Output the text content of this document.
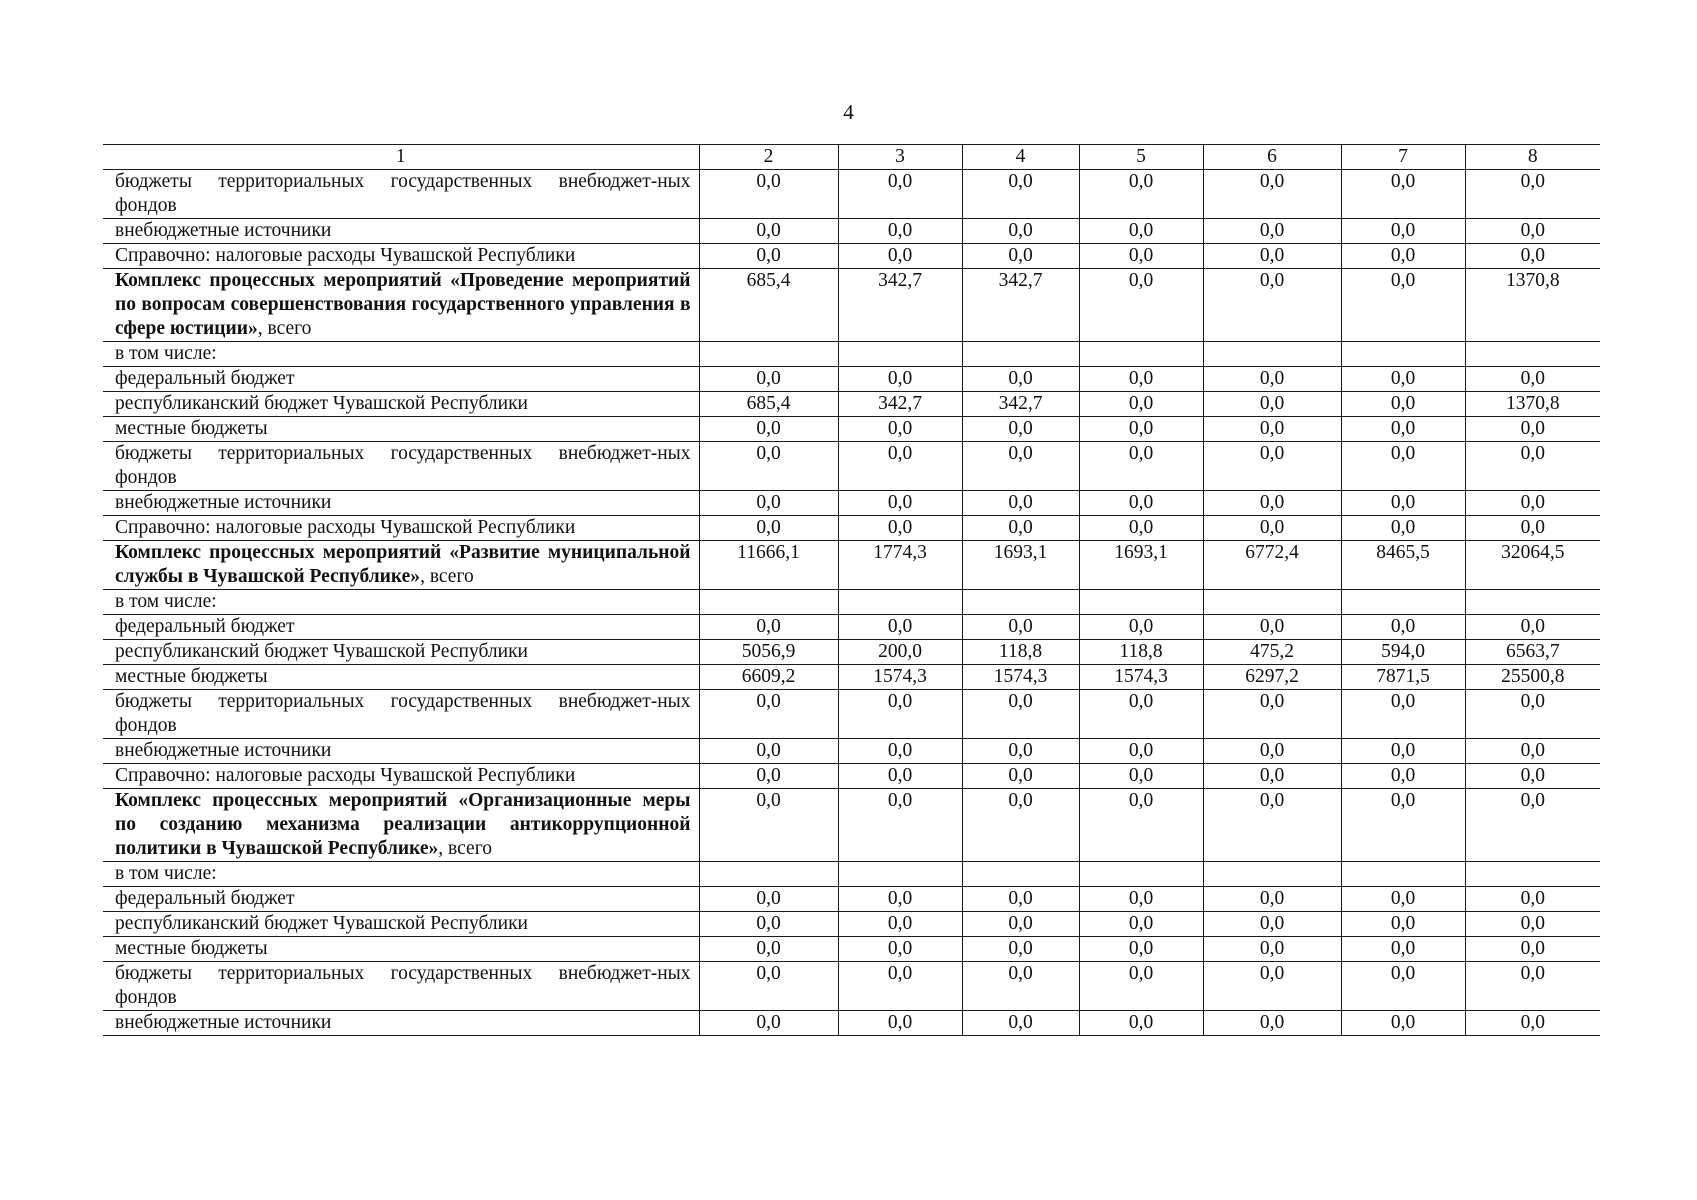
4
1	2	3	4	5	6	7	8
бюджеты территориальных государственных внебюджет-ных фондов	0,0	0,0	0,0	0,0	0,0	0,0	0,0
внебюджетные источники	0,0	0,0	0,0	0,0	0,0	0,0	0,0
Справочно: налоговые расходы Чувашской Республики	0,0	0,0	0,0	0,0	0,0	0,0	0,0
Комплекс процессных мероприятий «Проведение мероприятий по вопросам совершенствования государственного управления в сфере юстиции», всего	685,4	342,7	342,7	0,0	0,0	0,0	1370,8
в том числе:							
федеральный бюджет	0,0	0,0	0,0	0,0	0,0	0,0	0,0
республиканский бюджет Чувашской Республики	685,4	342,7	342,7	0,0	0,0	0,0	1370,8
местные бюджеты	0,0	0,0	0,0	0,0	0,0	0,0	0,0
бюджеты территориальных государственных внебюджет-ных фондов	0,0	0,0	0,0	0,0	0,0	0,0	0,0
внебюджетные источники	0,0	0,0	0,0	0,0	0,0	0,0	0,0
Справочно: налоговые расходы Чувашской Республики	0,0	0,0	0,0	0,0	0,0	0,0	0,0
Комплекс процессных мероприятий «Развитие муниципальной службы в Чувашской Республике», всего	11666,1	1774,3	1693,1	1693,1	6772,4	8465,5	32064,5
в том числе:							
федеральный бюджет	0,0	0,0	0,0	0,0	0,0	0,0	0,0
республиканский бюджет Чувашской Республики	5056,9	200,0	118,8	118,8	475,2	594,0	6563,7
местные бюджеты	6609,2	1574,3	1574,3	1574,3	6297,2	7871,5	25500,8
бюджеты территориальных государственных внебюджет-ных фондов	0,0	0,0	0,0	0,0	0,0	0,0	0,0
внебюджетные источники	0,0	0,0	0,0	0,0	0,0	0,0	0,0
Справочно: налоговые расходы Чувашской Республики	0,0	0,0	0,0	0,0	0,0	0,0	0,0
Комплекс процессных мероприятий «Организационные меры по созданию механизма реализации антикоррупционной политики в Чувашской Республике», всего	0,0	0,0	0,0	0,0	0,0	0,0	0,0
в том числе:							
федеральный бюджет	0,0	0,0	0,0	0,0	0,0	0,0	0,0
республиканский бюджет Чувашской Республики	0,0	0,0	0,0	0,0	0,0	0,0	0,0
местные бюджеты	0,0	0,0	0,0	0,0	0,0	0,0	0,0
бюджеты территориальных государственных внебюджет-ных фондов	0,0	0,0	0,0	0,0	0,0	0,0	0,0
внебюджетные источники	0,0	0,0	0,0	0,0	0,0	0,0	0,0
